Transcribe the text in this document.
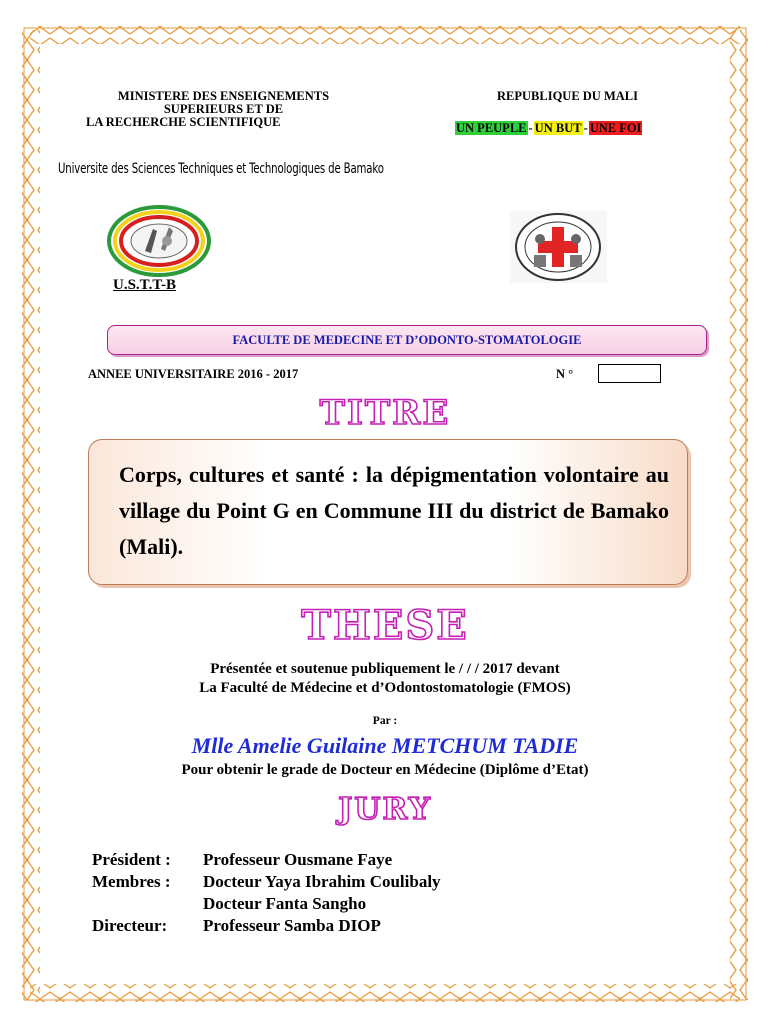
MINISTERE DES ENSEIGNEMENTS
SUPERIEURS ET DE
LA RECHERCHE SCIENTIFIQUE
REPUBLIQUE DU MALI
UN PEUPLE - UN BUT - UNE FOI
Universite des Sciences Techniques et Technologiques de Bamako
U.S.T.T-B
FACULTE DE MEDECINE ET D’ODONTO-STOMATOLOGIE
ANNEE UNIVERSITAIRE 2016 - 2017	N °
TITRE
Corps, cultures et santé : la dépigmentation volontaire au village du Point G en Commune III du district de Bamako (Mali).
THESE
Présentée et soutenue publiquement le / / / 2017 devant
La Faculté de Médecine et d’Odontostomatologie (FMOS)
Par :
Mlle Amelie Guilaine METCHUM TADIE
Pour obtenir le grade de Docteur en Médecine (Diplôme d’Etat)
JURY
Président :	Professeur Ousmane Faye
Membres :	Docteur Yaya Ibrahim Coulibaly
Docteur Fanta Sangho
Directeur:	Professeur Samba DIOP
